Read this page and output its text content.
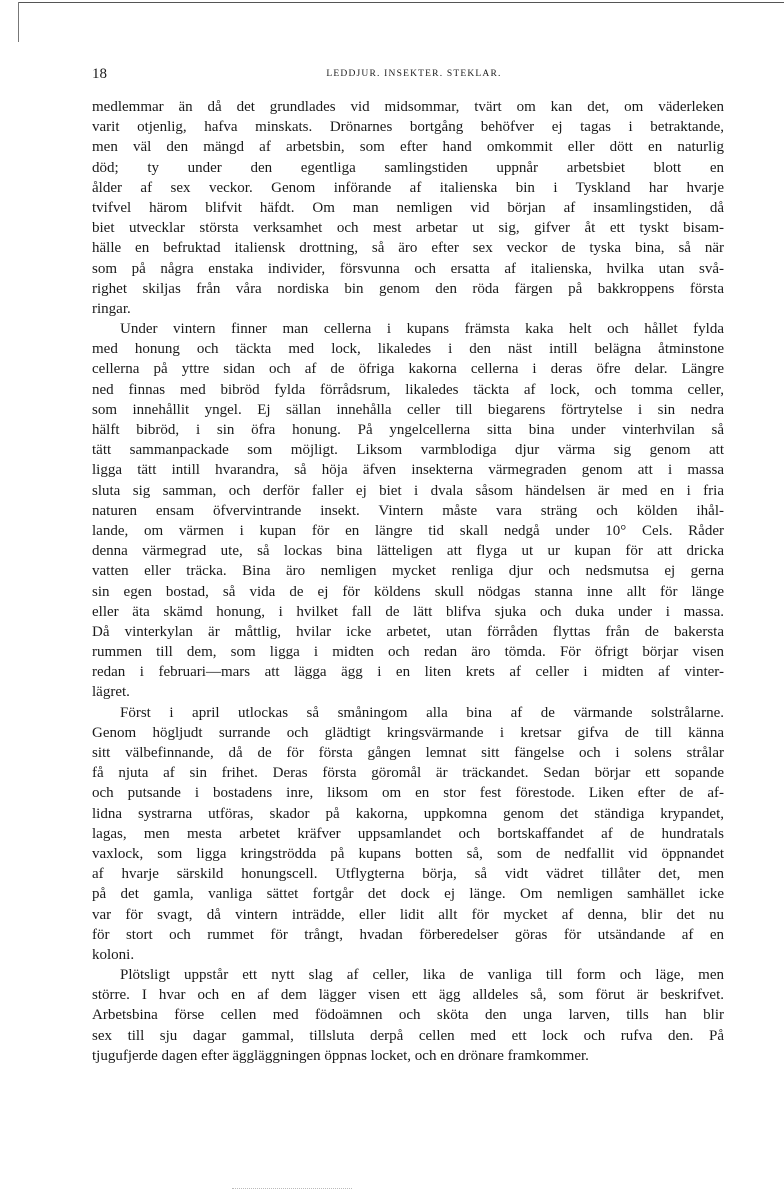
18	LEDDJUR. INSEKTER. STEKLAR.
medlemmar än då det grundlades vid midsommar, tvärt om kan det, om väderleken
varit otjenlig, hafva minskats. Drönarnes bortgång behöfver ej tagas i betraktande,
men väl den mängd af arbetsbin, som efter hand omkommit eller dött en naturlig
död; ty under den egentliga samlingstiden uppnår arbetsbiet blott en
ålder af sex veckor. Genom införande af italienska bin i Tyskland har hvarje
tvifvel härom blifvit häfdt. Om man nemligen vid början af insamlingstiden, då
biet utvecklar största verksamhet och mest arbetar ut sig, gifver åt ett tyskt bisam-
hälle en befruktad italiensk drottning, så äro efter sex veckor de tyska bina, så när
som på några enstaka individer, försvunna och ersatta af italienska, hvilka utan svå-
righet skiljas från våra nordiska bin genom den röda färgen på bakkroppens första
ringar.
Under vintern finner man cellerna i kupans främsta kaka helt och hållet fylda
med honung och täckta med lock, likaledes i den näst intill belägna åtminstone
cellerna på yttre sidan och af de öfriga kakorna cellerna i deras öfre delar. Längre
ned finnas med bibröd fylda förrådsrum, likaledes täckta af lock, och tomma celler,
som innehållit yngel. Ej sällan innehålla celler till biegarens förtrytelse i sin nedra
hälft bibröd, i sin öfra honung. På yngelcellerna sitta bina under vinterhvilan så
tätt sammanpackade som möjligt. Liksom varmblodiga djur värma sig genom att
ligga tätt intill hvarandra, så höja äfven insekterna värmegraden genom att i massa
sluta sig samman, och derför faller ej biet i dvala såsom händelsen är med en i fria
naturen ensam öfvervintrande insekt. Vintern måste vara sträng och kölden ihål-
lande, om värmen i kupan för en längre tid skall nedgå under 10° Cels. Råder
denna värmegrad ute, så lockas bina lätteligen att flyga ut ur kupan för att dricka
vatten eller träcka. Bina äro nemligen mycket renliga djur och nedsmutsa ej gerna
sin egen bostad, så vida de ej för köldens skull nödgas stanna inne allt för länge
eller äta skämd honung, i hvilket fall de lätt blifva sjuka och duka under i massa.
Då vinterkylan är måttlig, hvilar icke arbetet, utan förråden flyttas från de bakersta
rummen till dem, som ligga i midten och redan äro tömda. För öfrigt börjar visen
redan i februari—mars att lägga ägg i en liten krets af celler i midten af vinter-
lägret.
Först i april utlockas så småningom alla bina af de värmande solstrålarne.
Genom högljudt surrande och glädtigt kringsvärmande i kretsar gifva de till känna
sitt välbefinnande, då de för första gången lemnat sitt fängelse och i solens strålar
få njuta af sin frihet. Deras första göromål är träckandet. Sedan börjar ett sopande
och putsande i bostadens inre, liksom om en stor fest förestode. Liken efter de af-
lidna systrarna utföras, skador på kakorna, uppkomna genom det ständiga krypandet,
lagas, men mesta arbetet kräfver uppsamlandet och bortskaffandet af de hundratals
vaxlock, som ligga kringströdda på kupans botten så, som de nedfallit vid öppnandet
af hvarje särskild honungscell. Utflygterna börja, så vidt vädret tillåter det, men
på det gamla, vanliga sättet fortgår det dock ej länge. Om nemligen samhället icke
var för svagt, då vintern inträdde, eller lidit allt för mycket af denna, blir det nu
för stort och rummet för trångt, hvadan förberedelser göras för utsändande af en
koloni.
Plötsligt uppstår ett nytt slag af celler, lika de vanliga till form och läge, men
större. I hvar och en af dem lägger visen ett ägg alldeles så, som förut är beskrifvet.
Arbetsbina förse cellen med födoämnen och sköta den unga larven, tills han blir
sex till sju dagar gammal, tillsluta derpå cellen med ett lock och rufva den. På
tjugufjerde dagen efter äggläggningen öppnas locket, och en drönare framkommer.
